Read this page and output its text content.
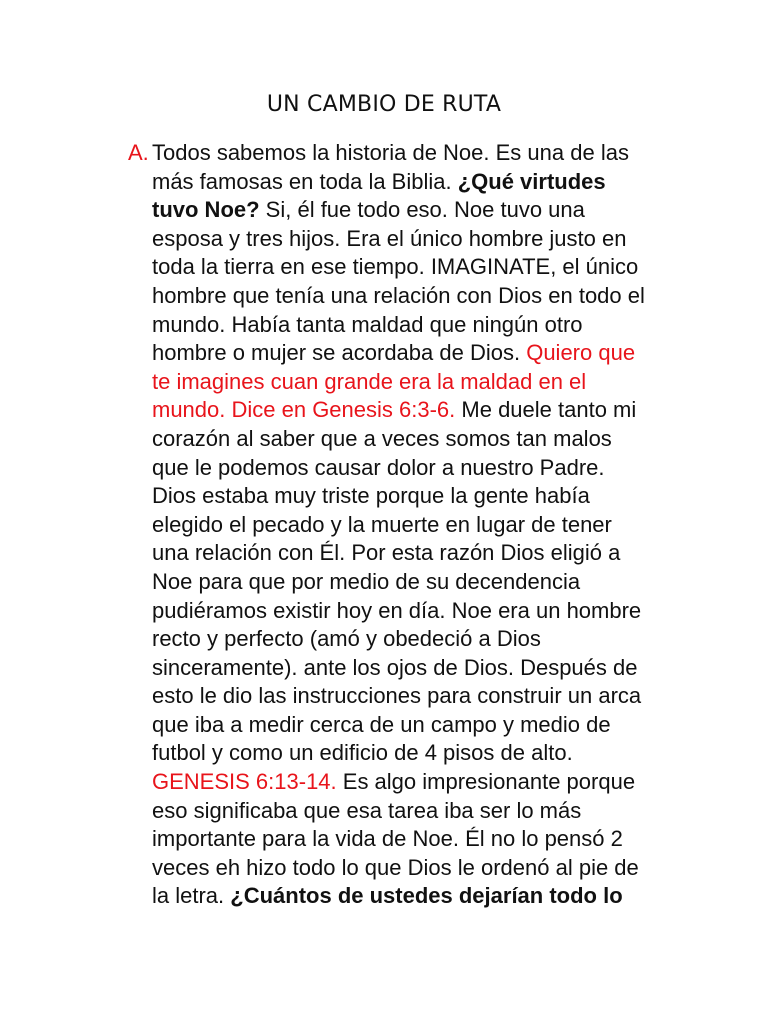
UN CAMBIO DE RUTA
A. Todos sabemos la historia de Noe. Es una de las
más famosas en toda la Biblia. ¿Qué virtudes
tuvo Noe? Si, él fue todo eso. Noe tuvo una
esposa y tres hijos. Era el único hombre justo en
toda la tierra en ese tiempo. IMAGINATE, el único
hombre que tenía una relación con Dios en todo el
mundo. Había tanta maldad que ningún otro
hombre o mujer se acordaba de Dios. Quiero que
te imagines cuan grande era la maldad en el
mundo. Dice en Genesis 6:3-6. Me duele tanto mi
corazón al saber que a veces somos tan malos
que le podemos causar dolor a nuestro Padre.
Dios estaba muy triste porque la gente había
elegido el pecado y la muerte en lugar de tener
una relación con Él. Por esta razón Dios eligió a
Noe para que por medio de su decendencia
pudiéramos existir hoy en día. Noe era un hombre
recto y perfecto (amó y obedeció a Dios
sinceramente). ante los ojos de Dios. Después de
esto le dio las instrucciones para construir un arca
que iba a medir cerca de un campo y medio de
futbol y como un edificio de 4 pisos de alto.
GENESIS 6:13-14. Es algo impresionante porque
eso significaba que esa tarea iba ser lo más
importante para la vida de Noe. Él no lo pensó 2
veces eh hizo todo lo que Dios le ordenó al pie de
la letra. ¿Cuántos de ustedes dejarían todo lo
